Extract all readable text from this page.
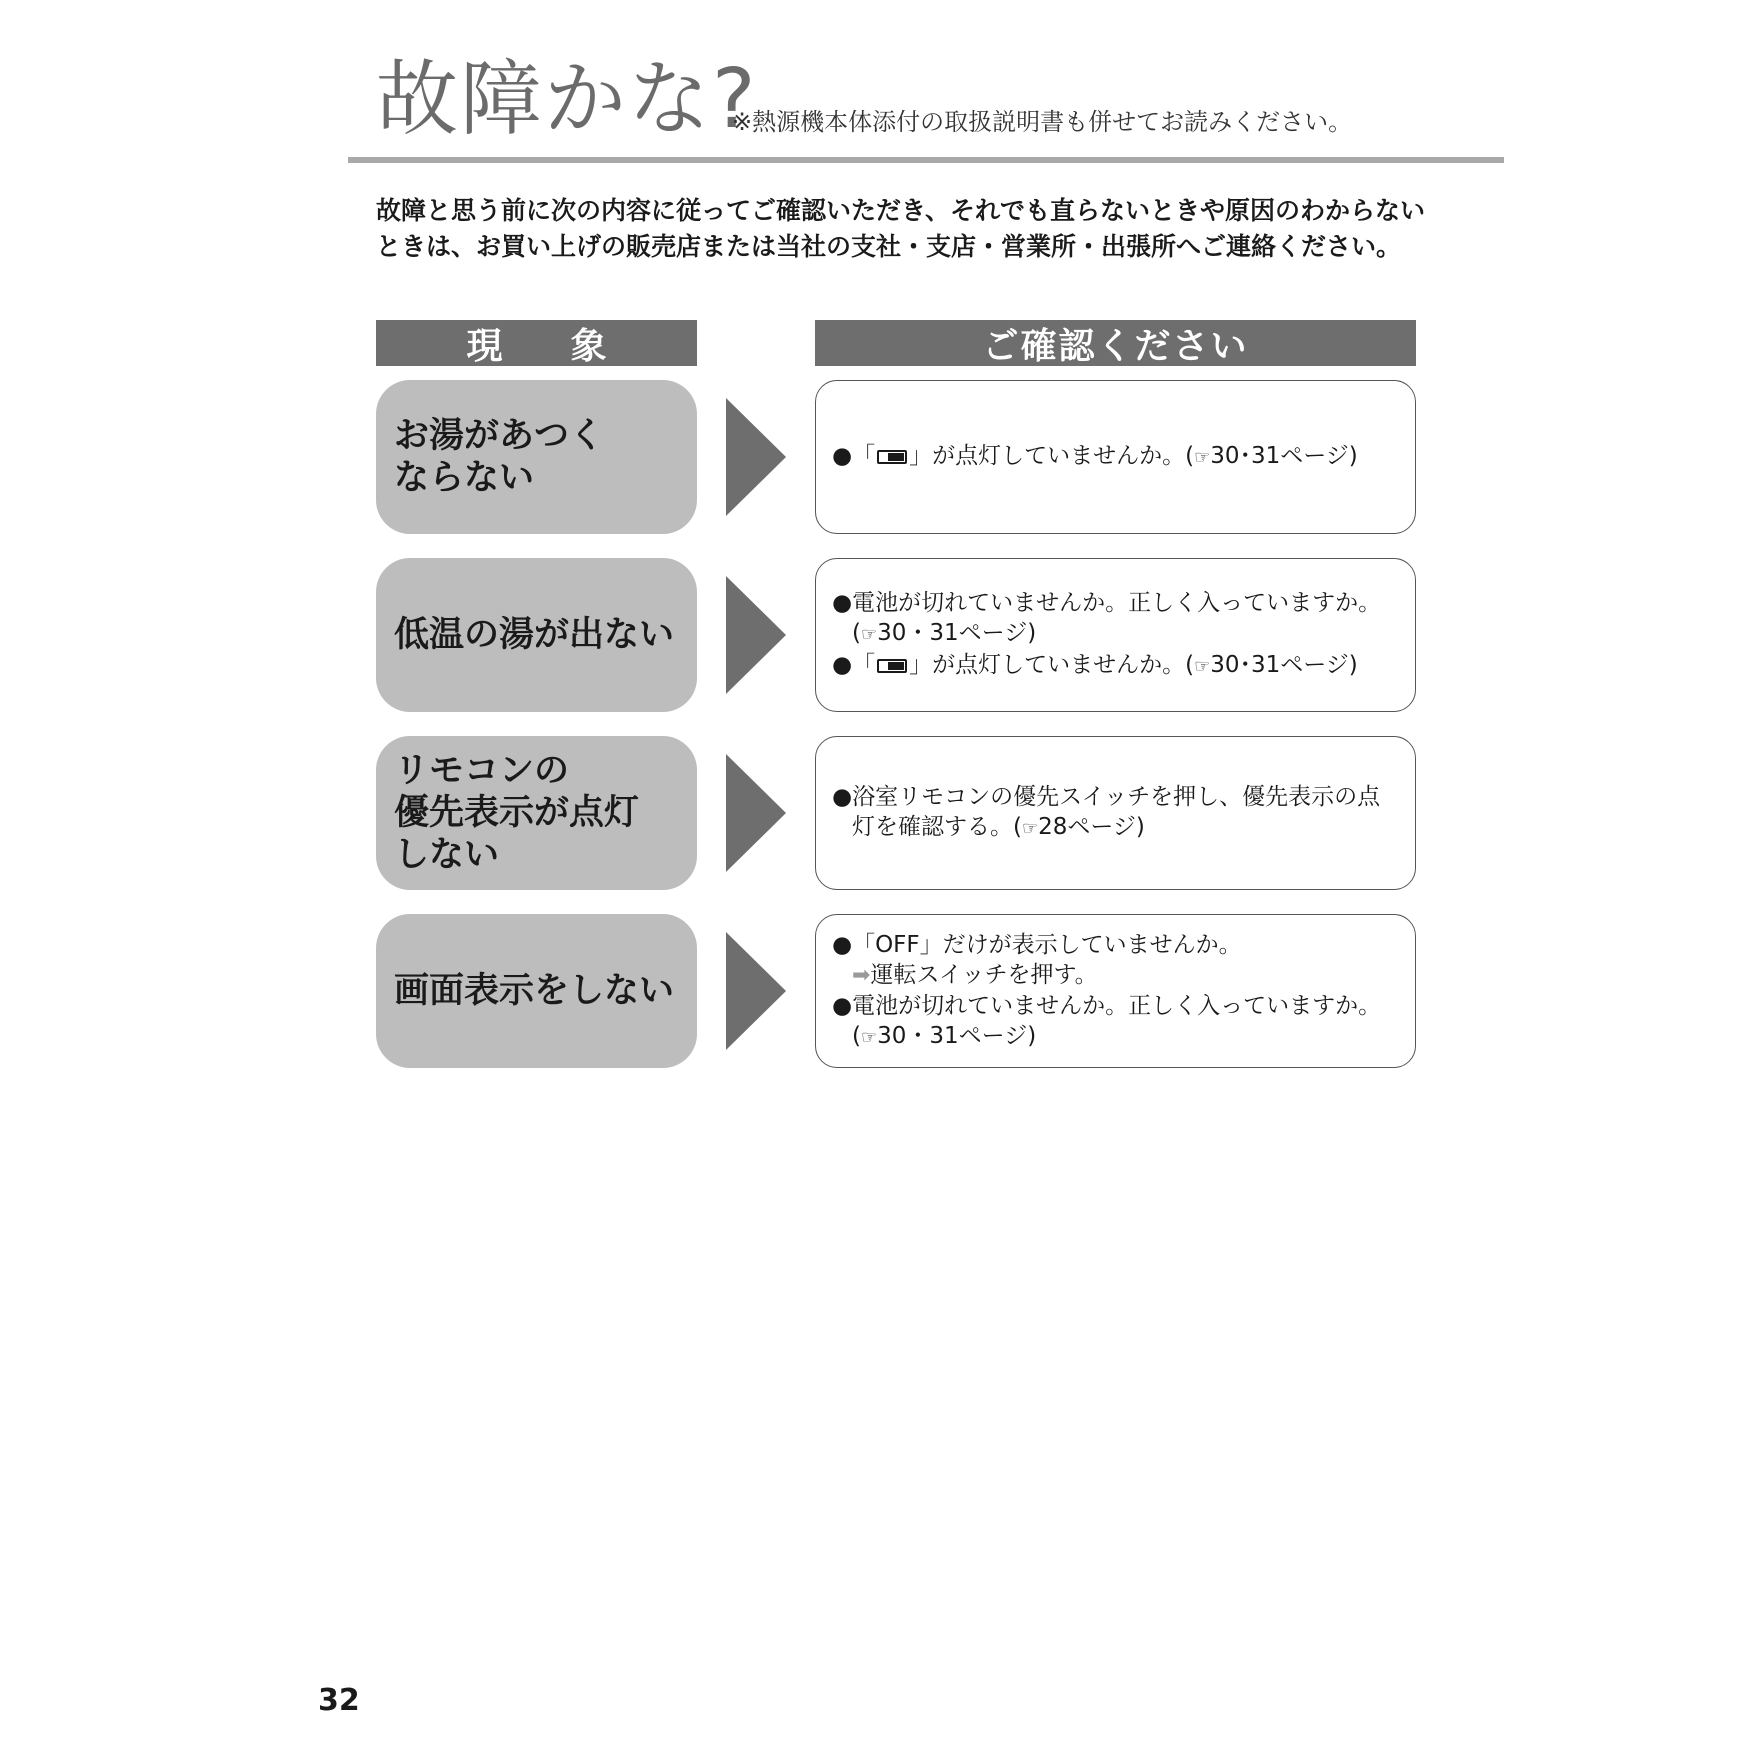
故障かな?
※熱源機本体添付の取扱説明書も併せてお読みください。
故障と思う前に次の内容に従ってご確認いただき、それでも直らないときや原因のわからないときは、お買い上げの販売店または当社の支社・支店・営業所・出張所へご連絡ください。
現象	ご確認ください
お湯があつく
ならない
●「 」が点灯していませんか。(☞30･31ページ)
低温の湯が出ない
●電池が切れていませんか。正しく入っていますか。
(☞30・31ページ)
●「 」が点灯していませんか。(☞30･31ページ)
リモコンの
優先表示が点灯
しない
●浴室リモコンの優先スイッチを押し、優先表示の点
灯を確認する。(☞28ページ)
画面表示をしない
●「OFF」だけが表示していませんか。
➡運転スイッチを押す。
●電池が切れていませんか。正しく入っていますか。
(☞30・31ページ)
32
